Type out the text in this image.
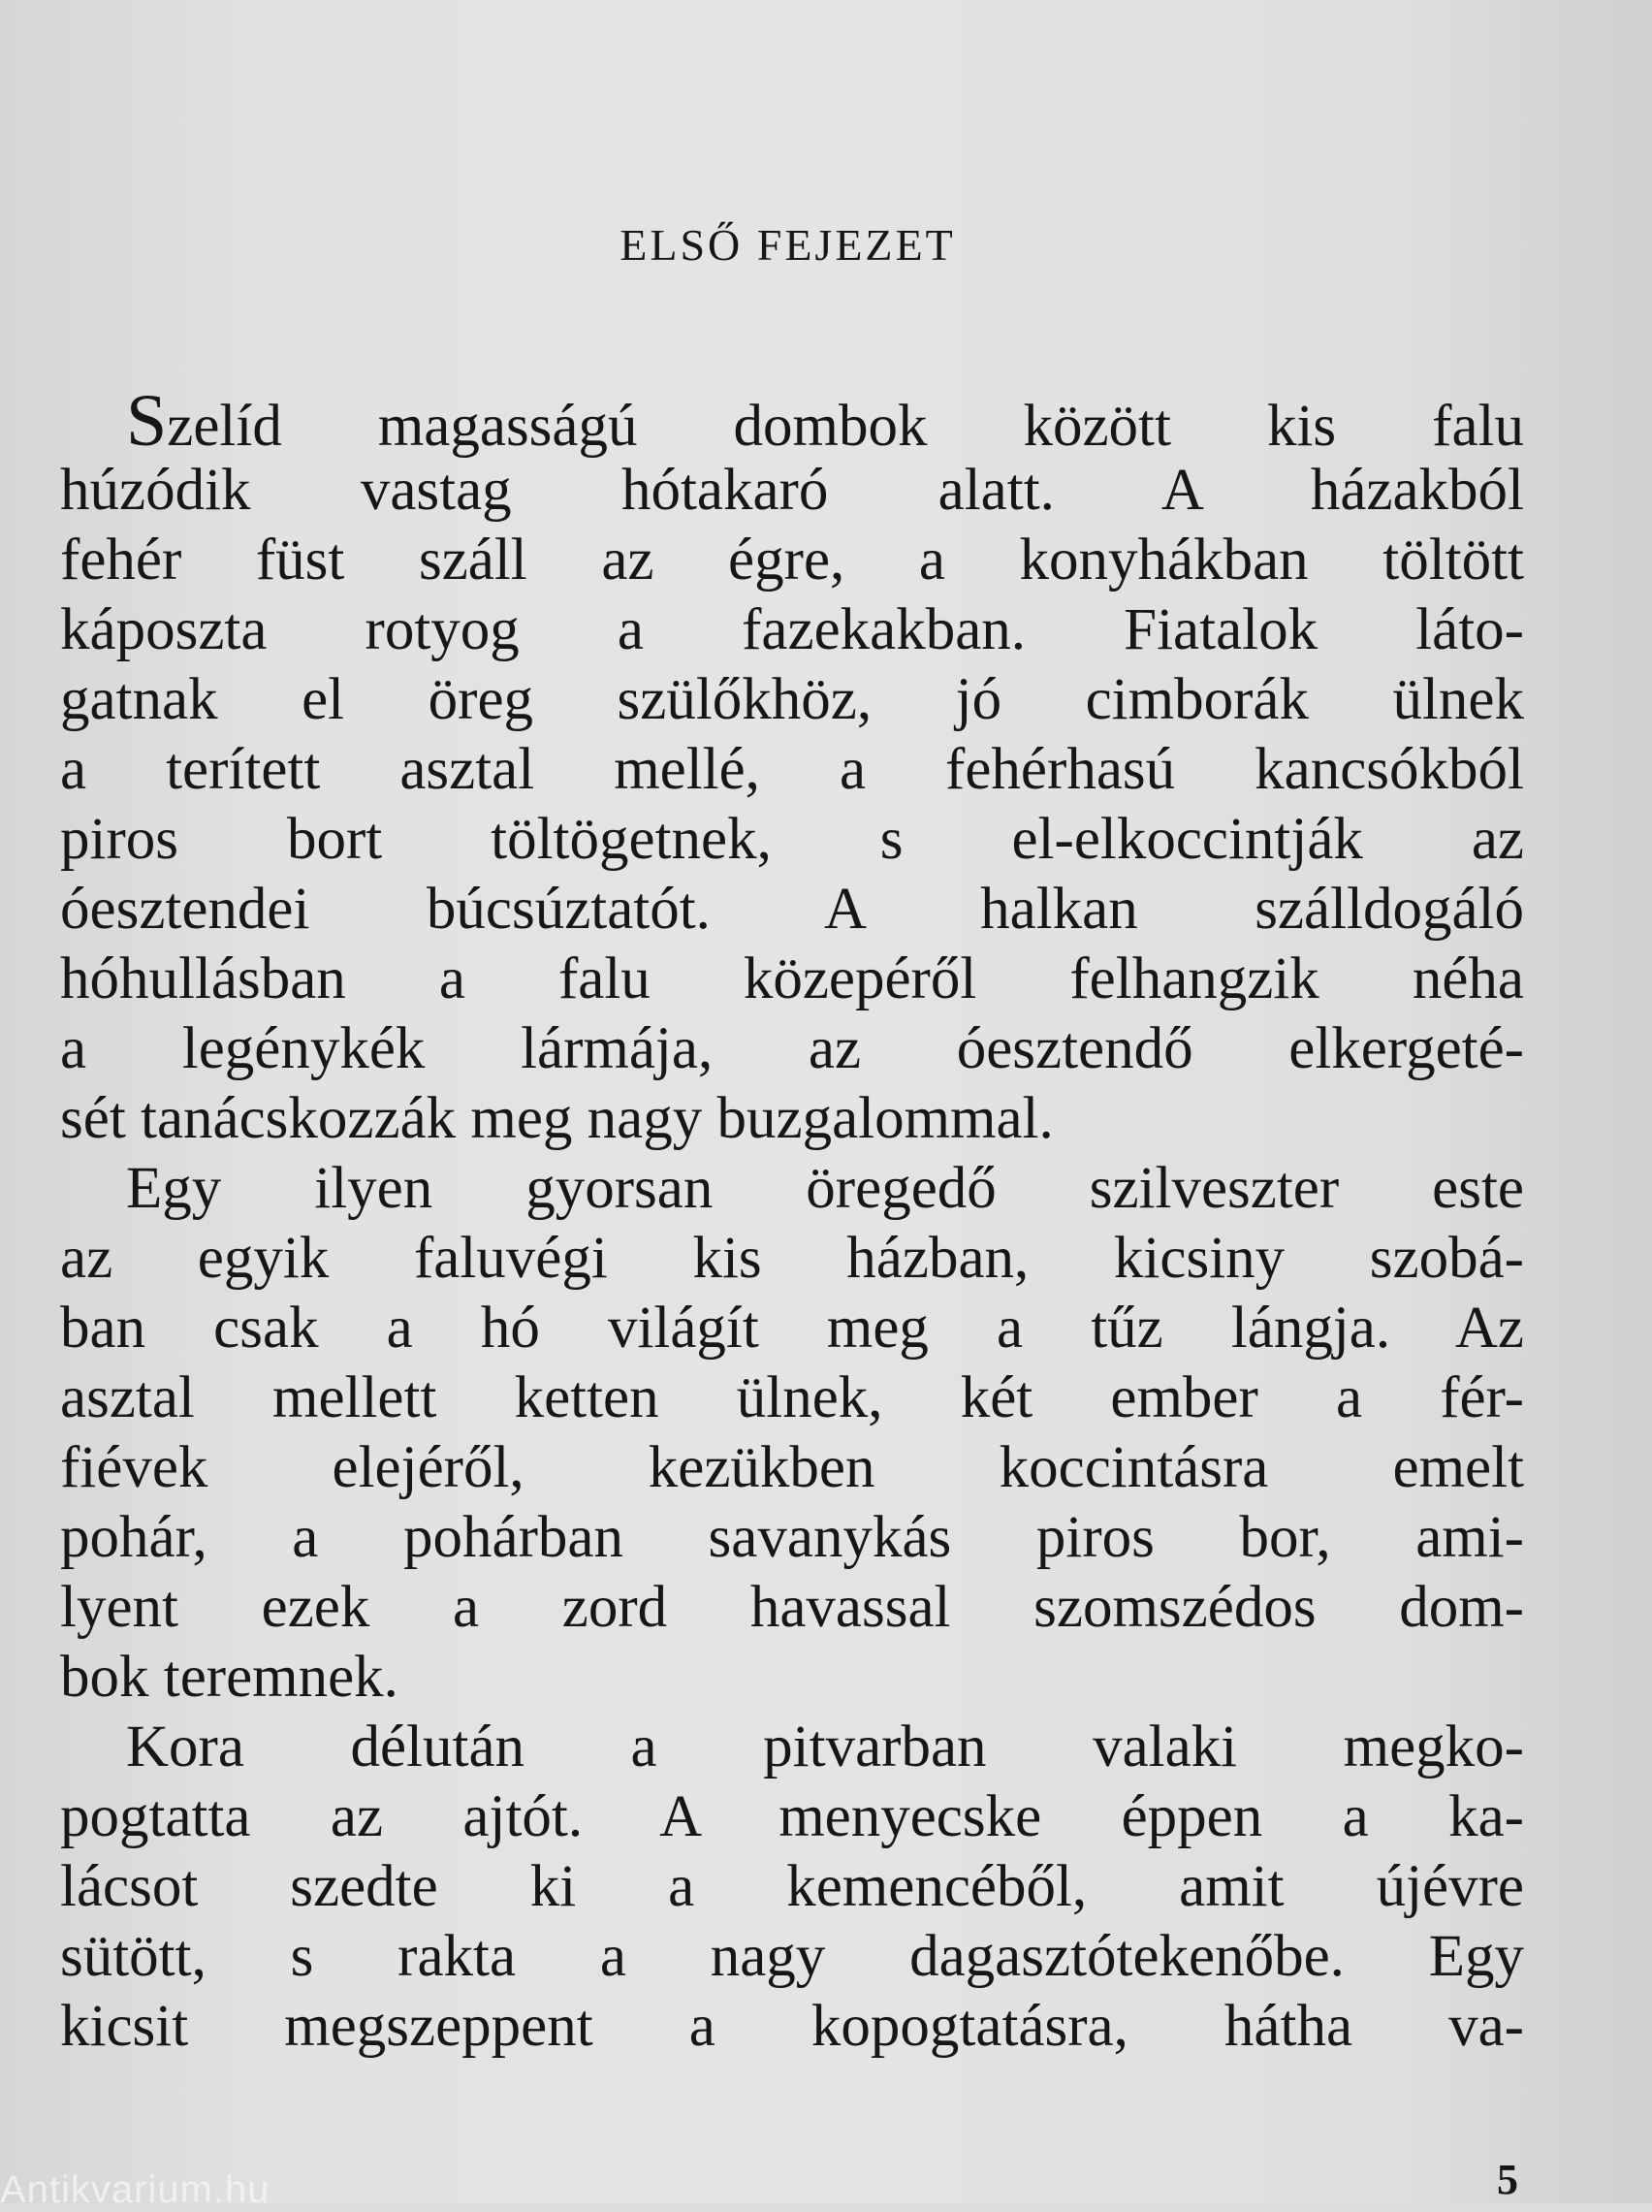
ELSŐ FEJEZET
Szelíd magasságú dombok között kis falu
húzódik vastag hótakaró alatt. A házakból
fehér füst száll az égre, a konyhákban töltött
káposzta rotyog a fazekakban. Fiatalok láto-
gatnak el öreg szülőkhöz, jó cimborák ülnek
a terített asztal mellé, a fehérhasú kancsókból
piros bort töltögetnek, s el-elkoccintják az
óesztendei búcsúztatót. A halkan szálldogáló
hóhullásban a falu közepéről felhangzik néha
a legénykék lármája, az óesztendő elkergeté-
sét tanácskozzák meg nagy buzgalommal.
Egy ilyen gyorsan öregedő szilveszter este
az egyik faluvégi kis házban, kicsiny szobá-
ban csak a hó világít meg a tűz lángja. Az
asztal mellett ketten ülnek, két ember a fér-
fiévek elejéről, kezükben koccintásra emelt
pohár, a pohárban savanykás piros bor, ami-
lyent ezek a zord havassal szomszédos dom-
bok teremnek.
Kora délután a pitvarban valaki megko-
pogtatta az ajtót. A menyecske éppen a ka-
lácsot szedte ki a kemencéből, amit újévre
sütött, s rakta a nagy dagasztótekenőbe. Egy
kicsit megszeppent a kopogtatásra, hátha va-
5
Antikvarium.hu
